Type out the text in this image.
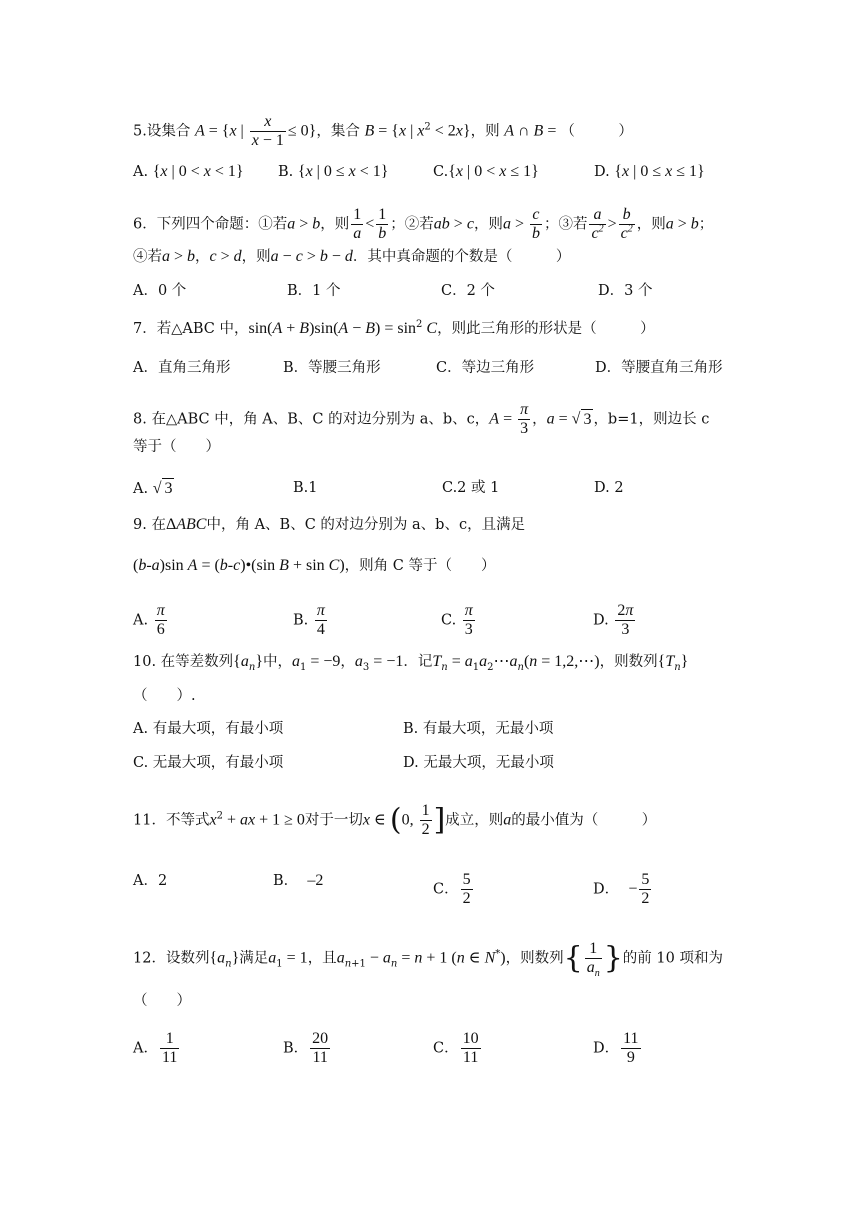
5.设集合 A = {x | $\frac{x}{x - 1} \le 0$}，集合 B = {x | $x^2 < 2x$}，则 A ∩ B = （　　　）
A. {x | 0 < x < 1} B. {x | 0 ≤ x < 1}	C.{x | 0 < x ≤ 1}	D. {x | 0 ≤ x ≤ 1}
6．下列四个命题：①若a > b，则 $\frac{1}{a} < \frac{1}{b}$ ；②若ab > c，则$a > \frac{c}{b}$ ；③若 $\frac{a}{c^2} > \frac{b}{c^2}$ ，则a > b；
④若a > b，c > d，则a − c > b − d．其中真命题的个数是（　　　）
A．0 个	B．1 个	C．2 个	D．3 个
7．若△ABC 中，$\sin(A + B)\sin(A - B) = \sin^2 C$，则此三角形的形状是（　　　）
A．直角三角形	B．等腰三角形	C．等边三角形	D．等腰直角三角形
8. 在△ABC 中，角 A、B、C 的对边分别为 a、b、c，$A = \frac{\pi}{3}$ ，a = √ 3 ，b=1，则边长 c
等于（　　）
A. √ 3	B.1	C.2 或 1	D. 2
9. 在ΔABC中，角 A、B、C 的对边分别为 a、b、c，且满足
(b-a)sin A = (b-c)•(sin B + sin C)，则角 C 等于（　　）
A. $\frac{\pi}{6}$	B. $\frac{\pi}{4}$	C. $\frac{\pi}{3}$	D. $\frac{2\pi}{3}$
10. 在等差数列$\{a_n\}$中，$a_1 = -9$，$a_3 = -1$．记$T_n$ = $a_1a_2\cdots a_n(n$ = 1,2,⋯)，则数列$\{T_n\}$
（　　）.
A. 有最大项，有最小项	B. 有最大项，无最小项
C. 无最大项，有最小项	D. 无最大项，无最小项
11．不等式$x^2$ + ax + 1 ≥ 0对于一切x ∈ (0, $\frac{1}{2}$ ]成立，则a的最小值为（　　　）
A．2	B． –2
C． $\frac{5}{2}$	D． − $\frac{5}{2}$
12．设数列$\{a_n\}$满足$a_1 = 1$，且$a_{n+1} - a_n = n + 1$ (n ∈ N*)，则数列{ $\frac{1}{a_n}$ }的前 10 项和为
（　　）
A． $\frac{1}{11}$	B． $\frac{20}{11}$	C． $\frac{10}{11}$	D． $\frac{11}{9}$
